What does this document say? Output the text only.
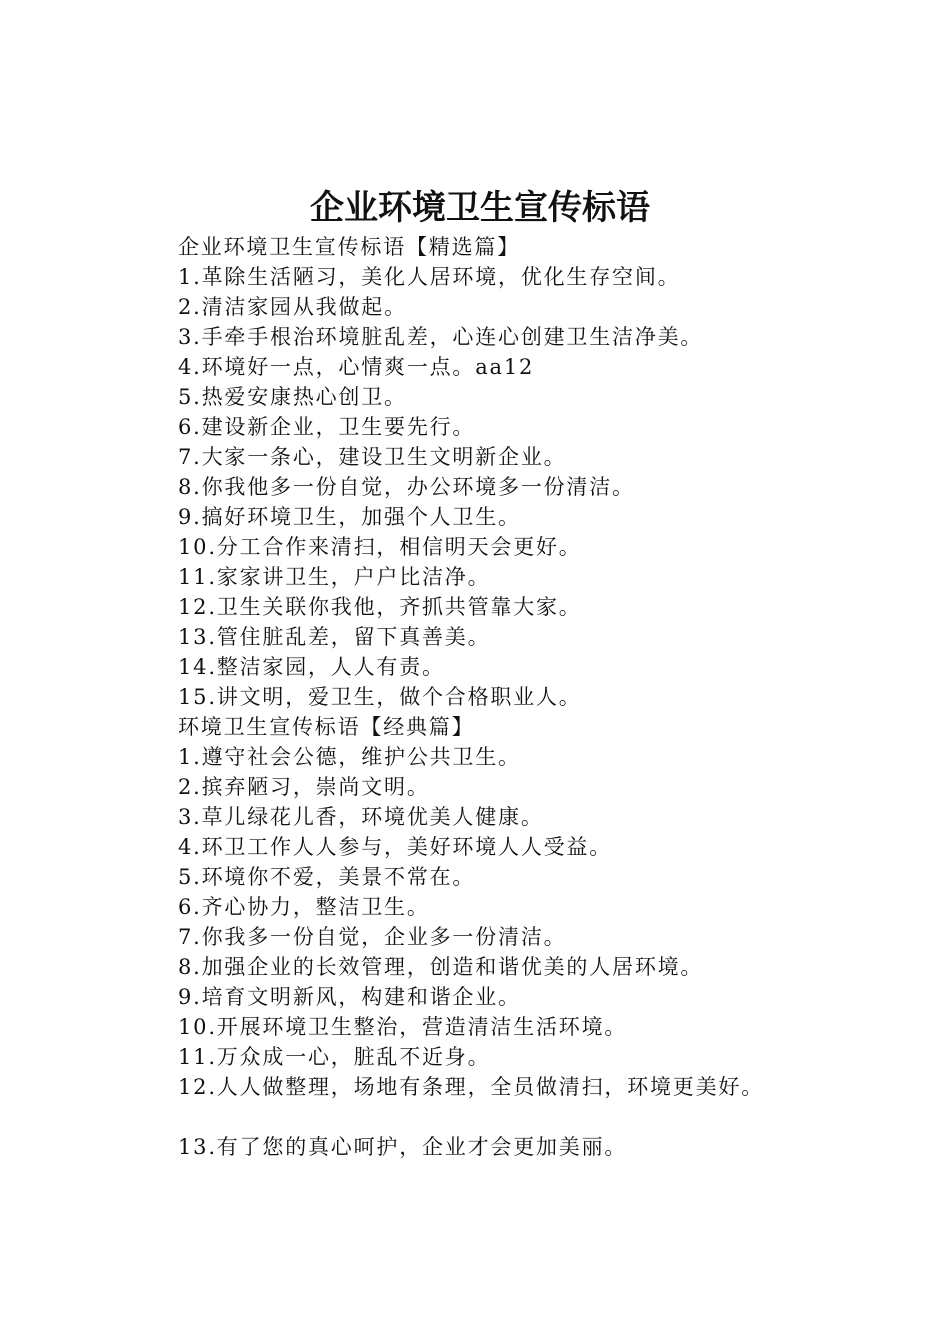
企业环境卫生宣传标语
企业环境卫生宣传标语【精选篇】
1.革除生活陋习，美化人居环境，优化生存空间。
2.清洁家园从我做起。
3.手牵手根治环境脏乱差，心连心创建卫生洁净美。
4.环境好一点，心情爽一点。aa12
5.热爱安康热心创卫。
6.建设新企业，卫生要先行。
7.大家一条心，建设卫生文明新企业。
8.你我他多一份自觉，办公环境多一份清洁。
9.搞好环境卫生，加强个人卫生。
10.分工合作来清扫，相信明天会更好。
11.家家讲卫生，户户比洁净。
12.卫生关联你我他，齐抓共管靠大家。
13.管住脏乱差，留下真善美。
14.整洁家园，人人有责。
15.讲文明，爱卫生，做个合格职业人。
环境卫生宣传标语【经典篇】
1.遵守社会公德，维护公共卫生。
2.摈弃陋习，崇尚文明。
3.草儿绿花儿香，环境优美人健康。
4.环卫工作人人参与，美好环境人人受益。
5.环境你不爱，美景不常在。
6.齐心协力，整洁卫生。
7.你我多一份自觉，企业多一份清洁。
8.加强企业的长效管理，创造和谐优美的人居环境。
9.培育文明新风，构建和谐企业。
10.开展环境卫生整治，营造清洁生活环境。
11.万众成一心，脏乱不近身。
12.人人做整理，场地有条理，全员做清扫，环境更美好。
13.有了您的真心呵护，企业才会更加美丽。
